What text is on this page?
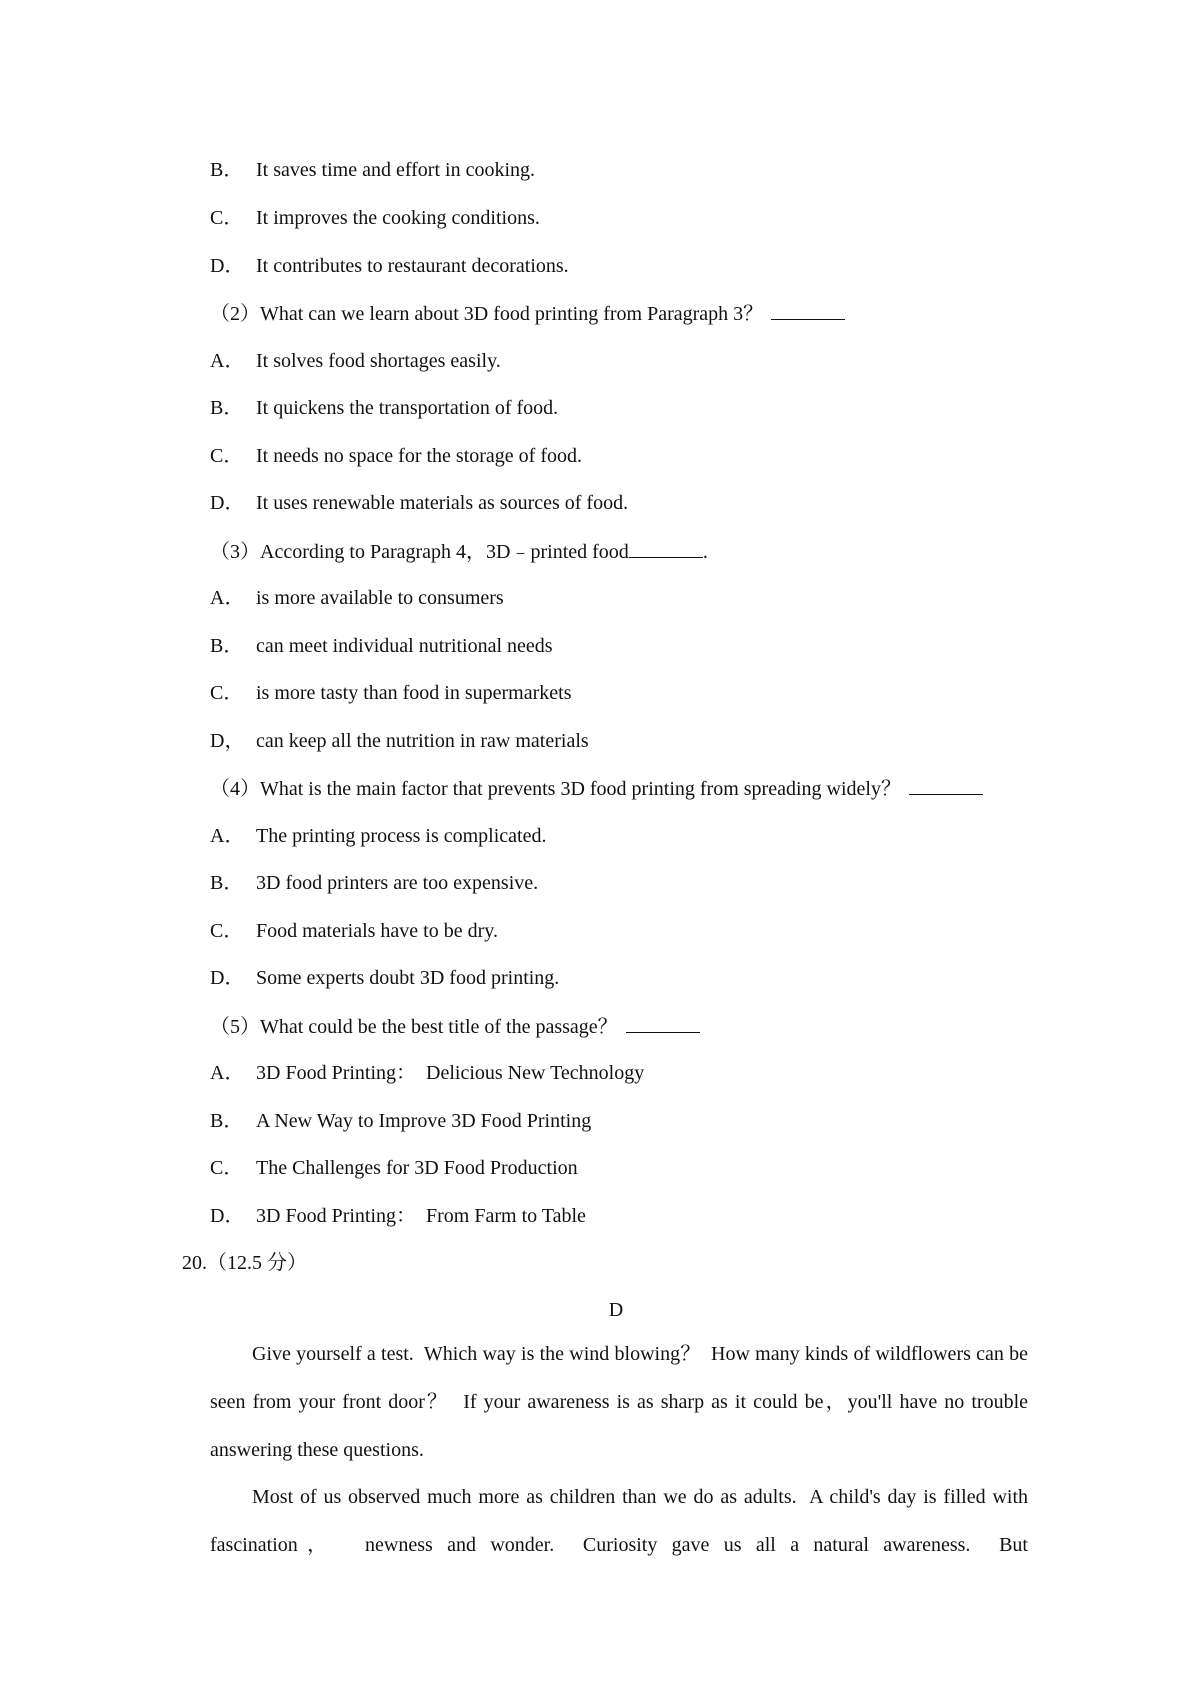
B． It saves time and effort in cooking.
C． It improves the cooking conditions.
D． It contributes to restaurant decorations.
（2）What can we learn about 3D food printing from Paragraph 3？
A． It solves food shortages easily.
B． It quickens the transportation of food.
C． It needs no space for the storage of food.
D． It uses renewable materials as sources of food.
（3）According to Paragraph 4，3D﹣printed food	.
A． is more available to consumers
B． can meet individual nutritional needs
C． is more tasty than food in supermarkets
D， can keep all the nutrition in raw materials
（4）What is the main factor that prevents 3D food printing from spreading widely？
A． The printing process is complicated.
B． 3D food printers are too expensive.
C． Food materials have to be dry.
D． Some experts doubt 3D food printing.
（5）What could be the best title of the passage？
A． 3D Food Printing：  Delicious New Technology
B． A New Way to Improve 3D Food Printing
C． The Challenges for 3D Food Production
D． 3D Food Printing：  From Farm to Table
20.（12.5 分）
D
Give yourself a test.  Which way is the wind blowing？  How many kinds of wildflowers can be seen from your front door？  If your awareness is as sharp as it could be，you'll have no trouble answering these questions.
Most of us observed much more as children than we do as adults.  A child's day is filled with fascination，  newness and wonder.  Curiosity gave us all a natural awareness.  But
